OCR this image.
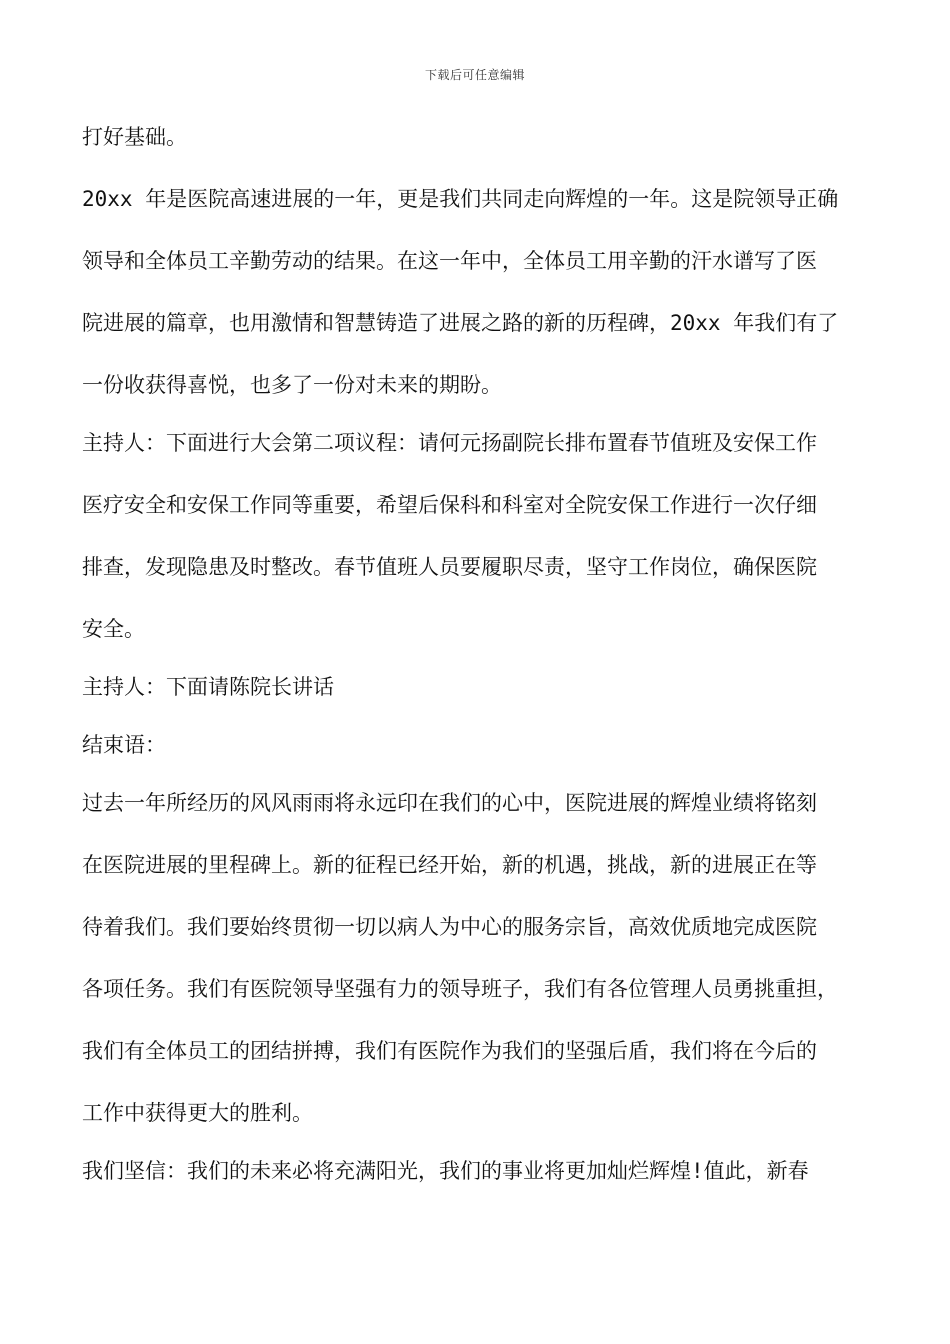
下载后可任意编辑
打好基础。
20xx 年是医院高速进展的一年，更是我们共同走向辉煌的一年。这是院领导正确
领导和全体员工辛勤劳动的结果。在这一年中，全体员工用辛勤的汗水谱写了医
院进展的篇章，也用激情和智慧铸造了进展之路的新的历程碑，20xx 年我们有了
一份收获得喜悦，也多了一份对未来的期盼。
主持人：下面进行大会第二项议程：请何元扬副院长排布置春节值班及安保工作
医疗安全和安保工作同等重要，希望后保科和科室对全院安保工作进行一次仔细
排查，发现隐患及时整改。春节值班人员要履职尽责，坚守工作岗位，确保医院
安全。
主持人：下面请陈院长讲话
结束语：
过去一年所经历的风风雨雨将永远印在我们的心中，医院进展的辉煌业绩将铭刻
在医院进展的里程碑上。新的征程已经开始，新的机遇，挑战，新的进展正在等
待着我们。我们要始终贯彻一切以病人为中心的服务宗旨，高效优质地完成医院
各项任务。我们有医院领导坚强有力的领导班子，我们有各位管理人员勇挑重担，
我们有全体员工的团结拼搏，我们有医院作为我们的坚强后盾，我们将在今后的
工作中获得更大的胜利。
我们坚信：我们的未来必将充满阳光，我们的事业将更加灿烂辉煌!值此，新春
